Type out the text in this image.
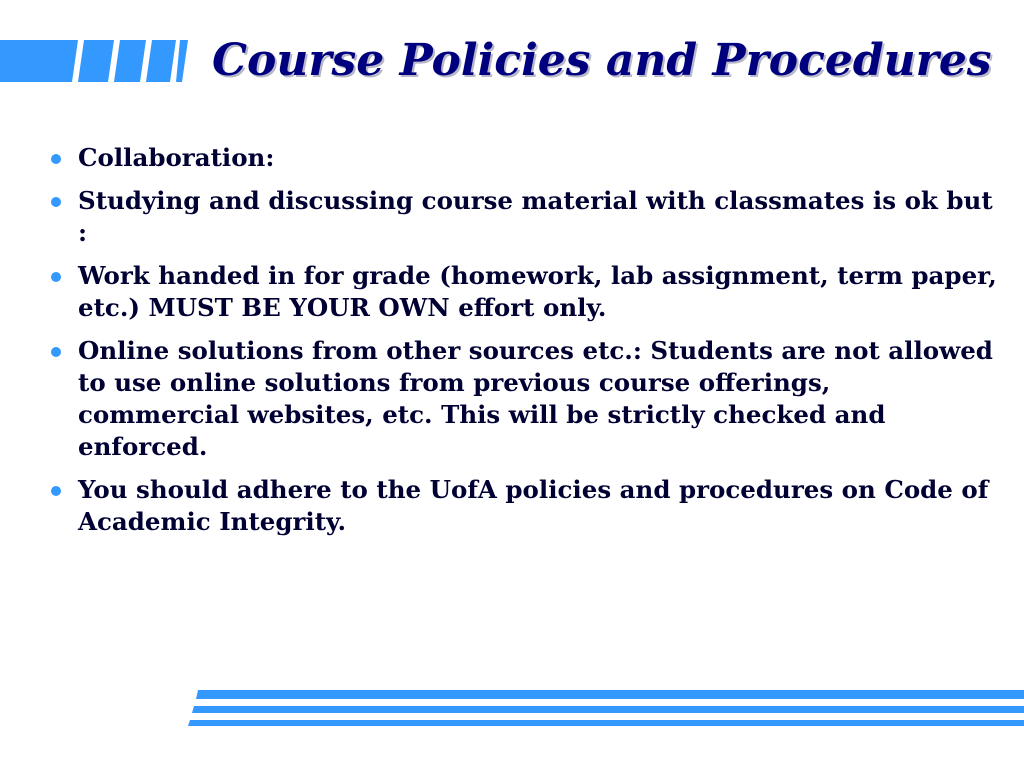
Course Policies and Procedures
Collaboration:
Studying and discussing course material with classmates is ok but :
Work handed in for grade (homework, lab assignment, term paper, etc.) MUST BE YOUR OWN effort only.
Online solutions from other sources etc.: Students are not allowed to use online solutions from previous course offerings, commercial websites, etc. This will be strictly checked and enforced.
You should adhere to the UofA policies and procedures on Code of Academic Integrity.
